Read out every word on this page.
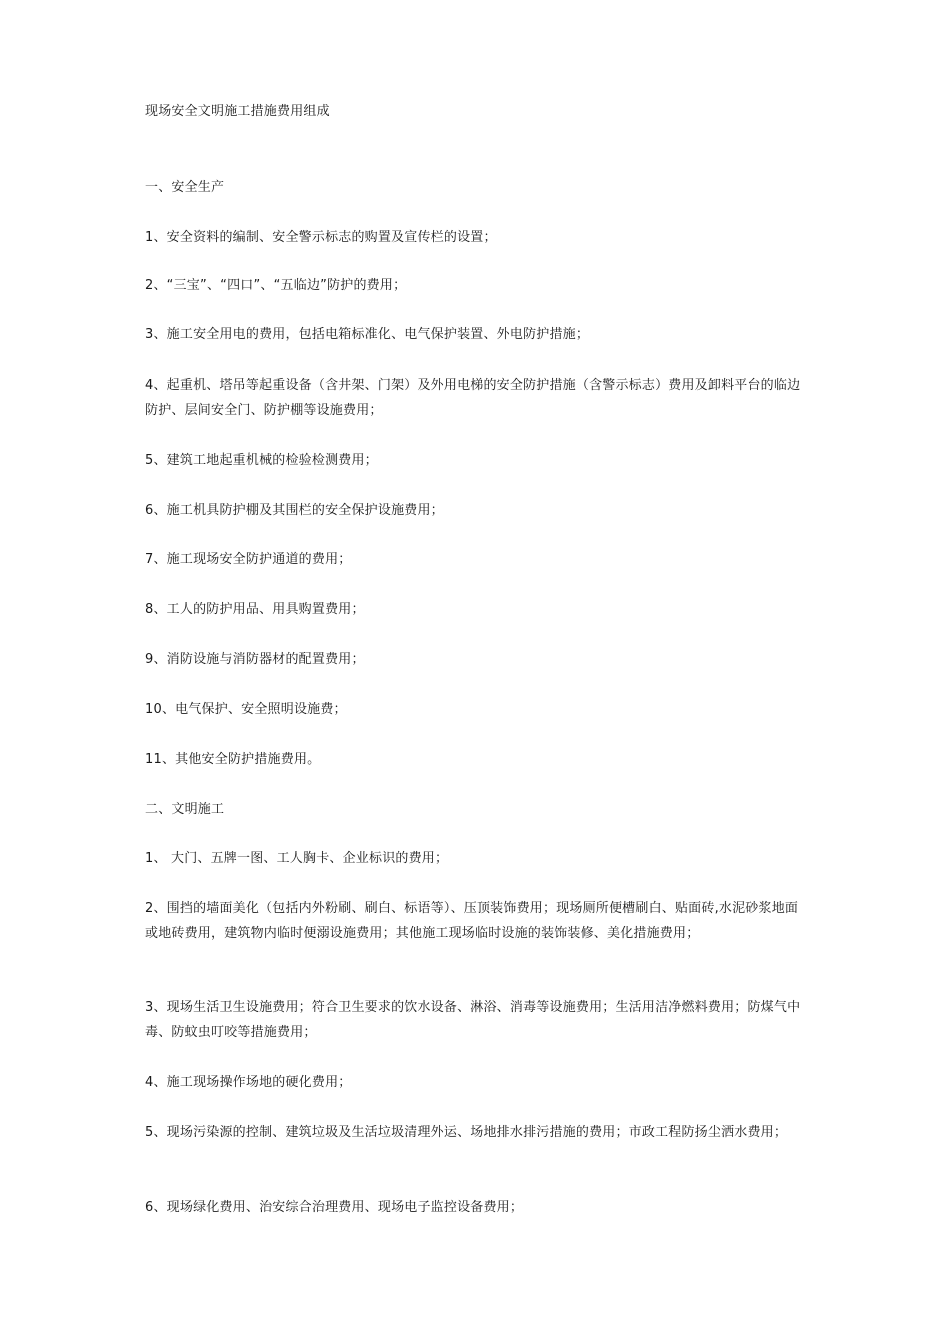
现场安全文明施工措施费用组成
一、安全生产
1、安全资料的编制、安全警示标志的购置及宣传栏的设置；
2、“三宝”、“四口”、“五临边”防护的费用；
3、施工安全用电的费用，包括电箱标准化、电气保护装置、外电防护措施；
4、起重机、塔吊等起重设备（含井架、门架）及外用电梯的安全防护措施（含警示标志）费用及卸料平台的临边防护、层间安全门、防护棚等设施费用；
5、建筑工地起重机械的检验检测费用；
6、施工机具防护棚及其围栏的安全保护设施费用；
7、施工现场安全防护通道的费用；
8、工人的防护用品、用具购置费用；
9、消防设施与消防器材的配置费用；
10、电气保护、安全照明设施费；
11、其他安全防护措施费用。
二、文明施工
1、 大门、五牌一图、工人胸卡、企业标识的费用；
2、围挡的墙面美化（包括内外粉刷、刷白、标语等）、压顶装饰费用；现场厕所便槽刷白、贴面砖,水泥砂浆地面或地砖费用，建筑物内临时便溺设施费用；其他施工现场临时设施的装饰装修、美化措施费用；
3、现场生活卫生设施费用；符合卫生要求的饮水设备、淋浴、消毒等设施费用；生活用洁净燃料费用；防煤气中毒、防蚊虫叮咬等措施费用；
4、施工现场操作场地的硬化费用；
5、现场污染源的控制、建筑垃圾及生活垃圾清理外运、场地排水排污措施的费用；市政工程防扬尘洒水费用；
6、现场绿化费用、治安综合治理费用、现场电子监控设备费用；
